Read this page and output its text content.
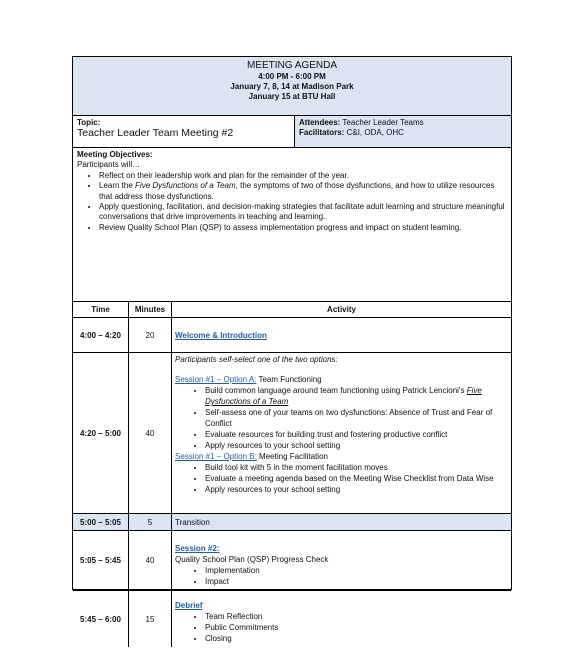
MEETING AGENDA
4:00 PM - 6:00 PM
January 7, 8, 14 at Madison Park
January 15 at BTU Hall
Topic:
Teacher Leader Team Meeting #2
Attendees: Teacher Leader Teams
Facilitators: C&I, ODA, OHC
Meeting Objectives:
Participants will…
• Reflect on their leadership work and plan for the remainder of the year.
• Learn the Five Dysfunctions of a Team, the symptoms of two of those dysfunctions, and how to utilize resources that address those dysfunctions.
• Apply questioning, facilitation, and decision-making strategies that facilitate adult learning and structure meaningful conversations that drive improvements in teaching and learning.
• Review Quality School Plan (QSP) to assess implementation progress and impact on student learning.
Time	Minutes	Activity
4:00 – 4:20	20	Welcome & Introduction
4:20 – 5:00	40
Participants self-select one of the two options:
Session #1 – Option A: Team Functioning
• Build common language around team functioning using Patrick Lencioni's Five Dysfunctions of a Team
• Self-assess one of your teams on two dysfunctions: Absence of Trust and Fear of Conflict
• Evaluate resources for building trust and fostering productive conflict
• Apply resources to your school setting
Session #1 – Option B: Meeting Facilitation
• Build tool kit with 5 in the moment facilitation moves
• Evaluate a meeting agenda based on the Meeting Wise Checklist from Data Wise
• Apply resources to your school setting
5:00 – 5:05	5	Transition
5:05 – 5:45	40
Session #2:
Quality School Plan (QSP) Progress Check
• Implementation
• Impact
5:45 – 6:00	15
Debrief
• Team Reflection
• Public Commitments
• Closing
